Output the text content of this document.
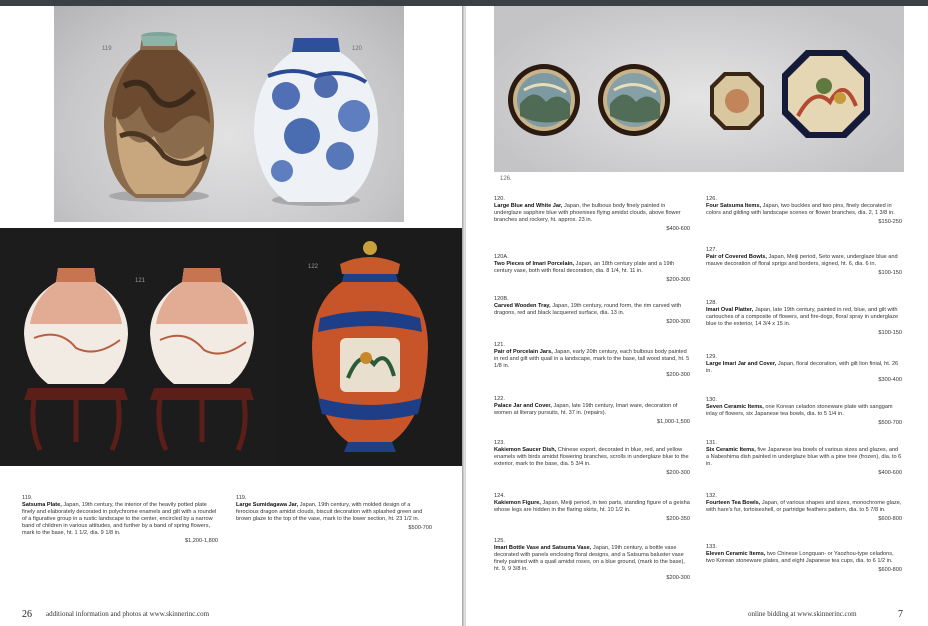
119	120
121
122
119.
Satsuma Plate, Japan, 19th century, the interior of the heavily potted plate finely and elaborately decorated in polychrome enamels and gilt with a roundel of a figurative group in a rustic landscape to the center, encircled by a narrow band of children in various attitudes, and further by a band of spring flowers, mark to the base, ht. 1 1/2, dia. 9 1/8 in.
$1,200-1,800
119.
Large Sumidagawa Jar, Japan, 19th century, with molded design of a ferocious dragon amidst clouds, biscuit decoration with splashed green and brown glaze to the top of the vase, mark to the lower section, ht. 23 1/2 in.
$500-700
26 additional information and photos at www.skinnerinc.com
126.
120.
Large Blue and White Jar, Japan, the bulbous body finely painted in underglaze sapphire blue with phoenixes flying amidst clouds, above flower branches and rockery, ht. approx. 23 in.
$400-600
120A.
Two Pieces of Imari Porcelain, Japan, an 18th century plate and a 19th century vase, both with floral decoration, dia. 8 1/4, ht. 11 in.
$200-300
120B.
Carved Wooden Tray, Japan, 19th century, round form, the rim carved with dragons, red and black lacquered surface, dia. 13 in.
$200-300
121.
Pair of Porcelain Jars, Japan, early 20th century, each bulbous body painted in red and gilt with quail in a landscape, mark to the base, tall wood stand, ht. 5 1/8 in.
$200-300
122.
Palace Jar and Cover, Japan, late 19th century, Imari ware, decoration of women at literary pursuits, ht. 37 in. (repairs).
$1,000-1,500
123.
Kakiemon Saucer Dish, Chinese export, decorated in blue, red, and yellow enamels with birds amidst flowering branches, scrolls in underglaze blue to the exterior, mark to the base, dia. 5 3/4 in.
$200-300
124.
Kakiemon Figure, Japan, Meiji period, in two parts, standing figure of a geisha whose legs are hidden in the flaring skirts, ht. 10 1/2 in.
$200-350
125.
Imari Bottle Vase and Satsuma Vase, Japan, 19th century, a bottle vase decorated with panels enclosing floral designs, and a Satsuma baluster vase finely painted with a quail amidst roses, on a blue ground, (mark to the base), ht. 9, 9 3/8 in.
$200-300
126.
Four Satsuma Items, Japan, two buckles and two pins, finely decorated in colors and gilding with landscape scenes or flower branches, dia. 2, 1 3/8 in.
$150-250
127.
Pair of Covered Bowls, Japan, Meiji period, Seto ware, underglaze blue and mauve decoration of floral sprigs and borders, signed, ht. 6, dia. 6 in.
$100-150
128.
Imari Oval Platter, Japan, late 19th century, painted in red, blue, and gilt with cartouches of a composite of flowers, and fire-dogs, floral spray in underglaze blue to the exterior, 14 3/4 x 15 in.
$100-150
129.
Large Imari Jar and Cover, Japan, floral decoration, with gilt lion finial, ht. 26 in.
$300-400
130.
Seven Ceramic Items, one Korean celadon stoneware plate with sanggam inlay of flowers, six Japanese tea bowls, dia. to 5 1/4 in.
$500-700
131.
Six Ceramic Items, five Japanese tea bowls of various sizes and glazes, and a Nabeshima dish painted in underglaze blue with a pine tree (frozen), dia. to 6 in.
$400-600
132.
Fourteen Tea Bowls, Japan, of various shapes and sizes, monochrome glaze, with hare's fur, tortoiseshell, or partridge feathers pattern, dia. to 5 7/8 in.
$600-800
133.
Eleven Ceramic Items, two Chinese Longquan- or Yaozhou-type celadons, two Korean stoneware plates, and eight Japanese tea cups, dia. to 6 1/2 in.
$600-800
online bidding at www.skinnerinc.com	7
